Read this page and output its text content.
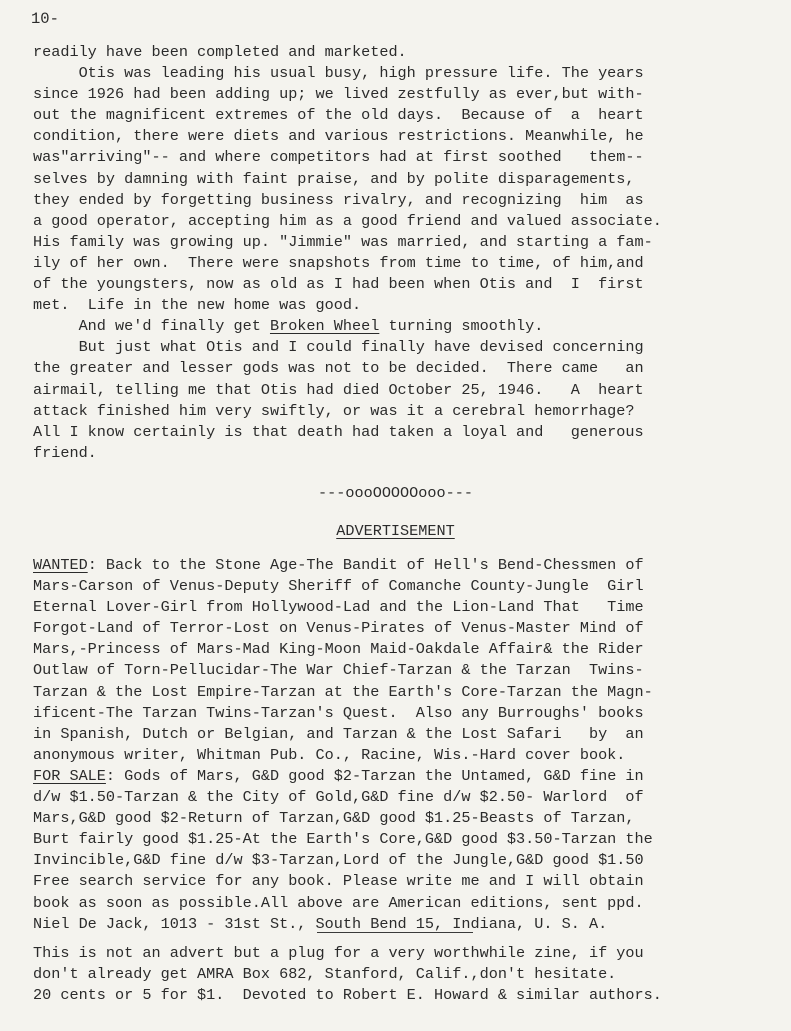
10-
readily have been completed and marketed.
Otis was leading his usual busy, high pressure life. The years
since 1926 had been adding up; we lived zestfully as ever,but with-
out the magnificent extremes of the old days.  Because of  a  heart
condition, there were diets and various restrictions. Meanwhile, he
was"arriving"-- and where competitors had at first soothed   them--
selves by damning with faint praise, and by polite disparagements,
they ended by forgetting business rivalry, and recognizing  him  as
a good operator, accepting him as a good friend and valued associate.
His family was growing up. "Jimmie" was married, and starting a fam-
ily of her own.  There were snapshots from time to time, of him,and
of the youngsters, now as old as I had been when Otis and  I  first
met.  Life in the new home was good.
And we'd finally get Broken Wheel turning smoothly.
But just what Otis and I could finally have devised concerning
the greater and lesser gods was not to be decided.  There came   an
airmail, telling me that Otis had died October 25, 1946.   A  heart
attack finished him very swiftly, or was it a cerebral hemorrhage?
All I know certainly is that death had taken a loyal and   generous
friend.
---oooOOOOOooo---
ADVERTISEMENT
WANTED: Back to the Stone Age-The Bandit of Hell's Bend-Chessmen of
Mars-Carson of Venus-Deputy Sheriff of Comanche County-Jungle  Girl
Eternal Lover-Girl from Hollywood-Lad and the Lion-Land That   Time
Forgot-Land of Terror-Lost on Venus-Pirates of Venus-Master Mind of
Mars,-Princess of Mars-Mad King-Moon Maid-Oakdale Affair& the Rider
Outlaw of Torn-Pellucidar-The War Chief-Tarzan & the Tarzan  Twins-
Tarzan & the Lost Empire-Tarzan at the Earth's Core-Tarzan the Magn-
ificent-The Tarzan Twins-Tarzan's Quest.  Also any Burroughs' books
in Spanish, Dutch or Belgian, and Tarzan & the Lost Safari   by  an
anonymous writer, Whitman Pub. Co., Racine, Wis.-Hard cover book.
FOR SALE: Gods of Mars, G&D good $2-Tarzan the Untamed, G&D fine in
d/w $1.50-Tarzan & the City of Gold,G&D fine d/w $2.50- Warlord  of
Mars,G&D good $2-Return of Tarzan,G&D good $1.25-Beasts of Tarzan,
Burt fairly good $1.25-At the Earth's Core,G&D good $3.50-Tarzan the
Invincible,G&D fine d/w $3-Tarzan,Lord of the Jungle,G&D good $1.50
Free search service for any book. Please write me and I will obtain
book as soon as possible.All above are American editions, sent ppd.
Niel De Jack, 1013 - 31st St., South Bend 15, Indiana, U. S. A.
This is not an advert but a plug for a very worthwhile zine, if you
don't already get AMRA Box 682, Stanford, Calif.,don't hesitate.
20 cents or 5 for $1.  Devoted to Robert E. Howard & similar authors.
